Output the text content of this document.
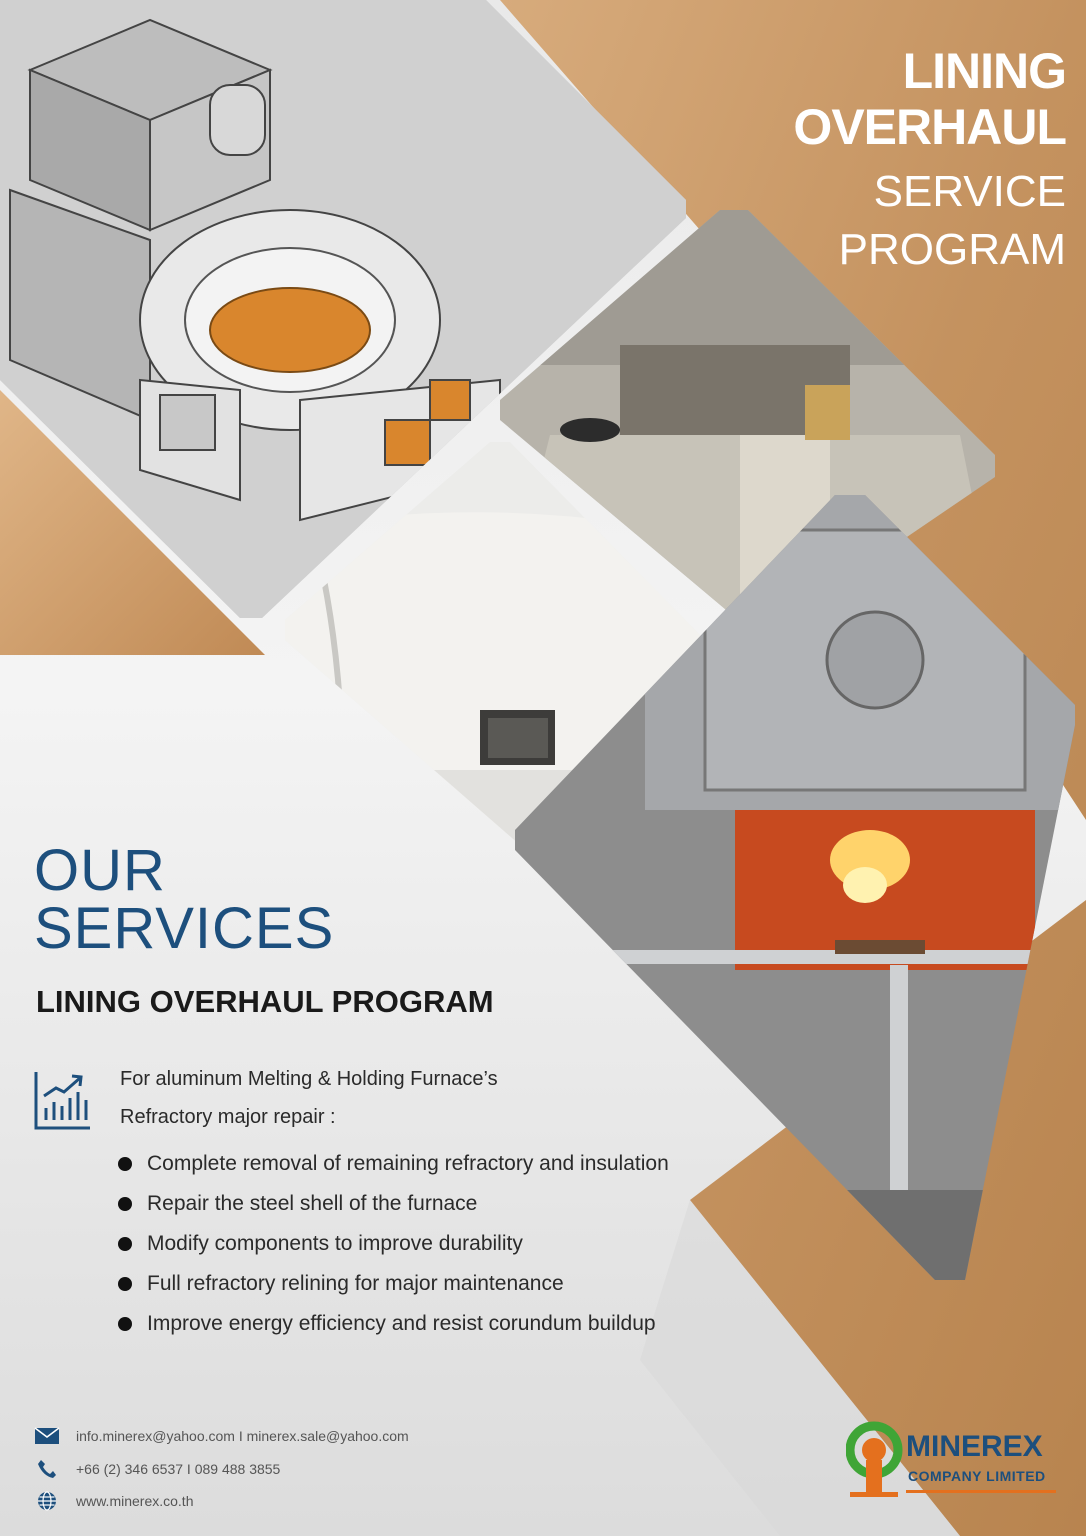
LINING
OVERHAUL
SERVICE
PROGRAM
OUR
SERVICES
LINING OVERHAUL PROGRAM
For aluminum Melting & Holding Furnace’s
Refractory major repair :
Complete removal of remaining refractory and insulation
Repair the steel shell of the furnace
Modify components to improve durability
Full refractory relining for major maintenance
Improve energy efficiency and resist corundum buildup
info.minerex@yahoo.com I minerex.sale@yahoo.com
+66 (2) 346 6537 I 089 488 3855
www.minerex.co.th
MINEREX
COMPANY LIMITED
